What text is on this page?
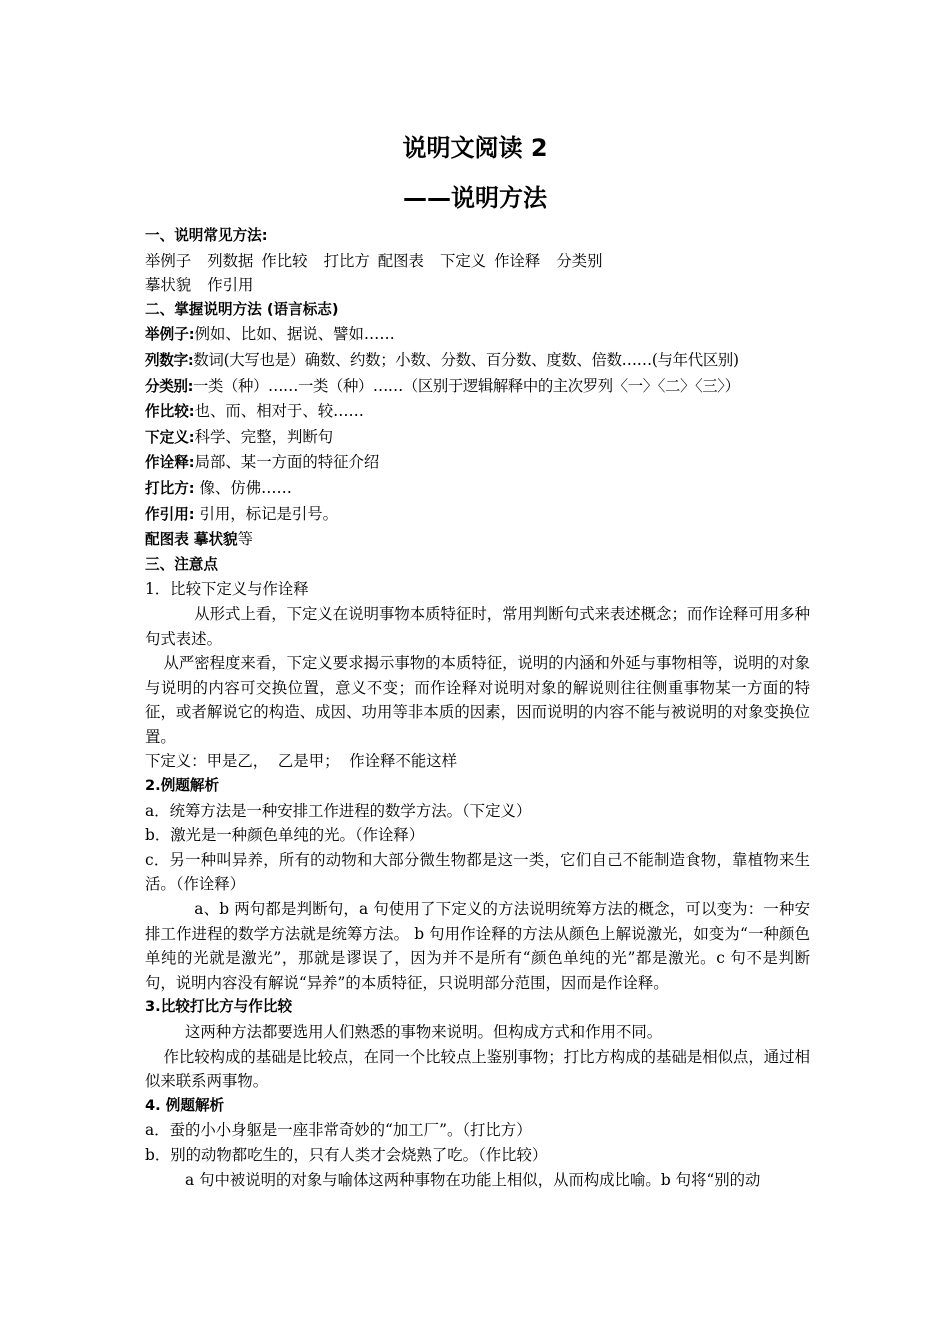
说明文阅读 2
——说明方法

一、说明常见方法:

举例子 列数据 作比较 打比方 配图表 下定义 作诠释 分类别

摹状貌 作引用

二、掌握说明方法 (语言标志)

举例子:例如、比如、据说、譬如……

列数字:数词(大写也是）确数、约数；小数、分数、百分数、度数、倍数……(与年代区别)

分类别:一类（种）……一类（种）……（区别于逻辑解释中的主次罗列〈一〉〈二〉〈三〉）

作比较:也、而、相对于、较……

下定义:科学、完整，判断句

作诠释:局部、某一方面的特征介绍

打比方: 像、仿佛……

作引用: 引用，标记是引号。

配图表 摹状貌等

三、注意点

1．比较下定义与作诠释

从形式上看，下定义在说明事物本质特征时，常用判断句式来表述概念；而作诠释可用多种句式表述。

从严密程度来看，下定义要求揭示事物的本质特征，说明的内涵和外延与事物相等，说明的对象与说明的内容可交换位置，意义不变；而作诠释对说明对象的解说则往往侧重事物某一方面的特征，或者解说它的构造、成因、功用等非本质的因素，因而说明的内容不能与被说明的对象变换位置。

下定义：甲是乙，  乙是甲；  作诠释不能这样

2.例题解析

a．统筹方法是一种安排工作进程的数学方法。（下定义）

b．激光是一种颜色单纯的光。（作诠释）

c．另一种叫异养，所有的动物和大部分微生物都是这一类，它们自己不能制造食物，靠植物来生活。（作诠释）

a、b 两句都是判断句，a 句使用了下定义的方法说明统筹方法的概念，可以变为：一种安排工作进程的数学方法就是统筹方法。 b 句用作诠释的方法从颜色上解说激光，如变为“一种颜色单纯的光就是激光”，那就是谬误了，因为并不是所有“颜色单纯的光”都是激光。c 句不是判断句，说明内容没有解说“异养”的本质特征，只说明部分范围，因而是作诠释。

3.比较打比方与作比较

这两种方法都要选用人们熟悉的事物来说明。但构成方式和作用不同。

作比较构成的基础是比较点，在同一个比较点上鉴别事物；打比方构成的基础是相似点，通过相似来联系两事物。

4. 例题解析

a．蚕的小小身躯是一座非常奇妙的“加工厂”。（打比方）

b．别的动物都吃生的，只有人类才会烧熟了吃。（作比较）

a 句中被说明的对象与喻体这两种事物在功能上相似，从而构成比喻。b 句将“别的动
